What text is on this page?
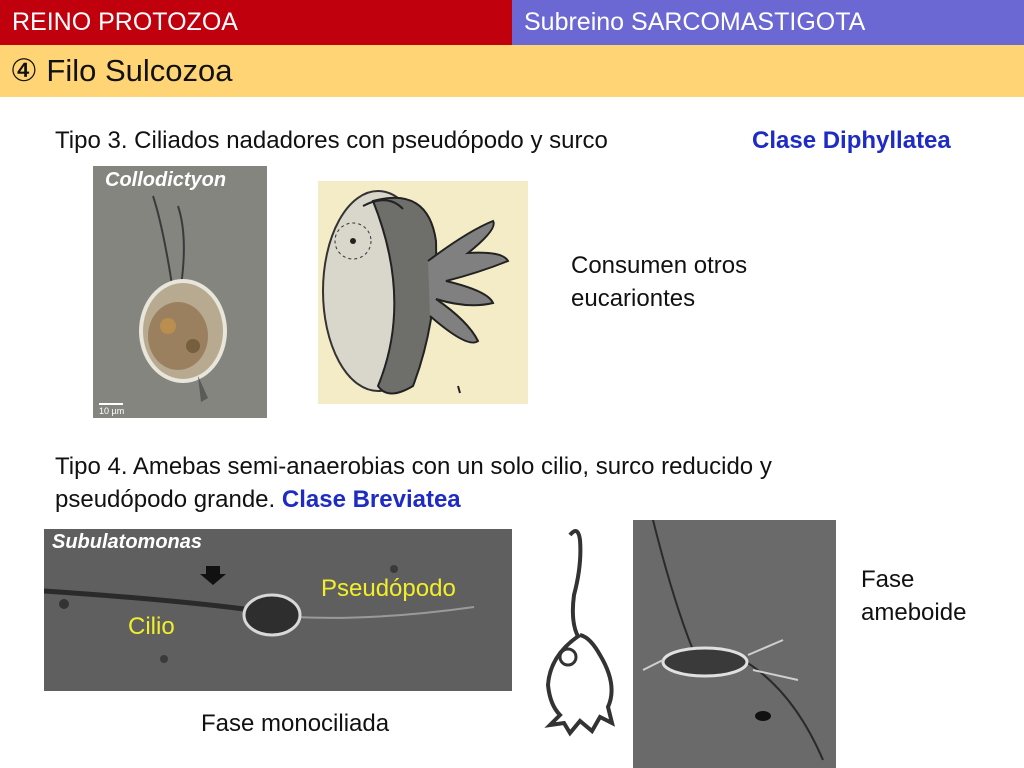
REINO PROTOZOA	Subreino SARCOMASTIGOTA
④ Filo Sulcozoa
Tipo 3. Ciliados nadadores con pseudópodo y surco	Clase Diphyllatea
Collodictyon
10 µm
Consumen otros
eucariontes
Tipo 4. Amebas semi-anaerobias con un solo cilio, surco reducido y
pseudópodo grande. Clase Breviatea
Subulatomonas
Pseudópodo
Cilio
Fase monociliada
Fase
ameboide
